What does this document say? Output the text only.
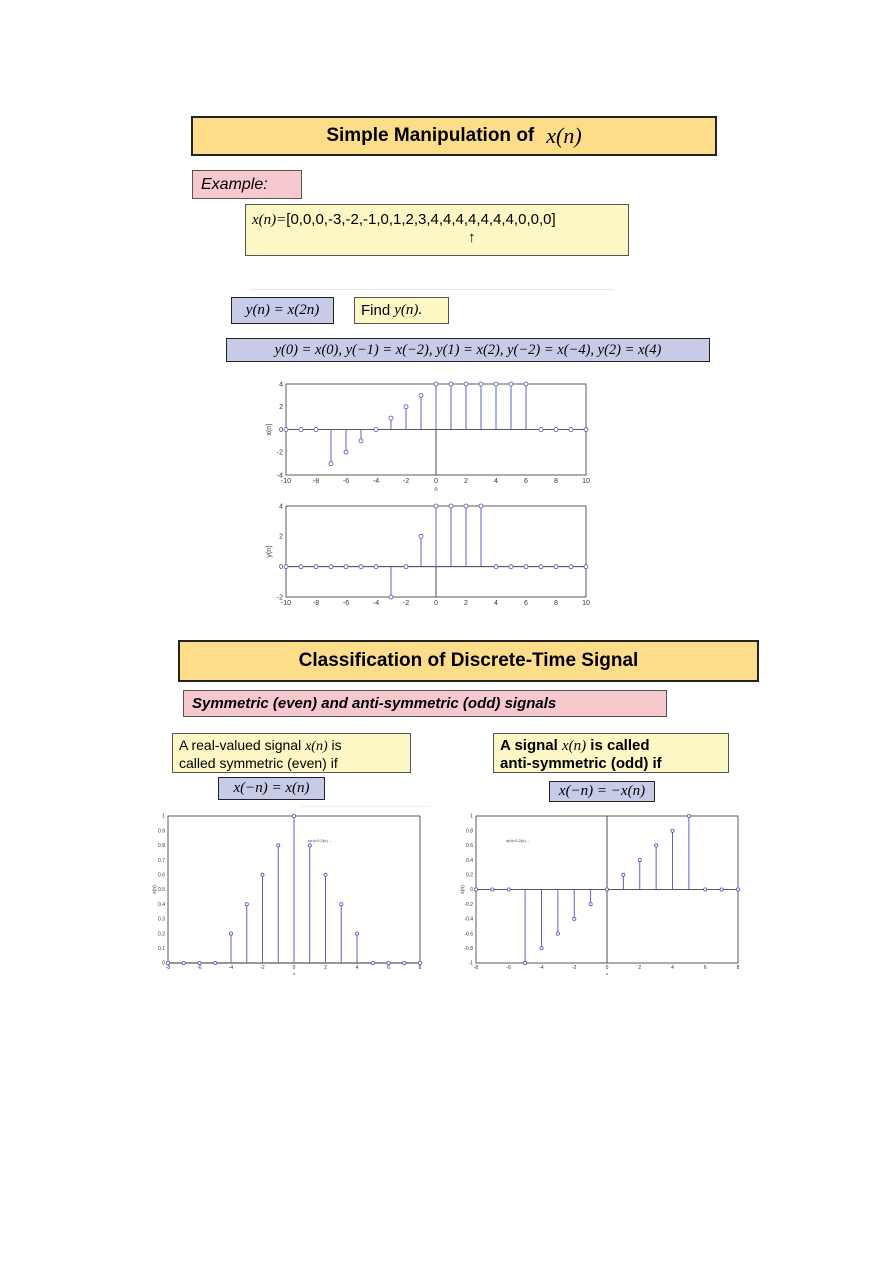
Simple Manipulation of x(n)
Example:
x(n)=[0,0,0,-3,-2,-1,0,1,2,3,4,4,4,4,4,4,4,0,0,0]
↑
y(n) = x(2n)	Find y(n).
y(0) = x(0), y(−1) = x(−2), y(1) = x(2), y(−2) = x(−4), y(2) = x(4)
-10	-8	-6	-4	-2	0	2	4	6	8	10
4
2
0
-2
-4
x(n)
n
-10	-8	-6	-4	-2	0	2	4	6	8	10
4
2
0
-2
y(n)
Classification of Discrete-Time Signal
Symmetric (even) and anti-symmetric (odd) signals
A real-valued signal x(n) is
called symmetric (even) if
x(−n) = x(n)
A signal x(n) is called
anti-symmetric (odd) if
x(−n) = −x(n)
-8	-6	-4	-2	0	2	4	6	8
1
0.9
0.8
0.7
0.6
0.5
0.4
0.3
0.2
0.1
0
x(n)
n
x(n)=0.2(n) ...
-8	-6	-4	-2	0	2	4	6	8
1
0.8
0.6
0.4
0.2
0
-0.2
-0.4
-0.6
-0.8
-1
x(n)
n
x(n)=0.2(n) ...
